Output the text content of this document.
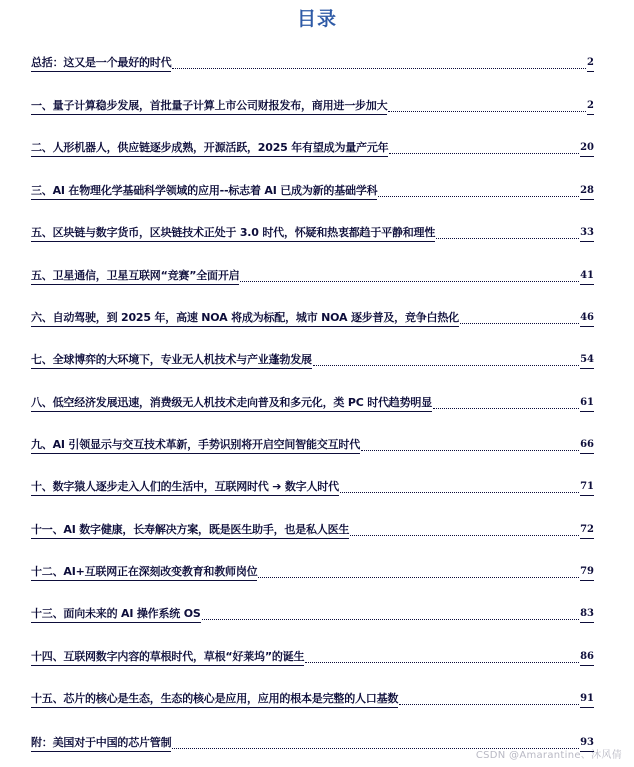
目录
总括：这又是一个最好的时代	2
一、量子计算稳步发展，首批量子计算上市公司财报发布，商用进一步加大	2
二、人形机器人，供应链逐步成熟，开源活跃，2025 年有望成为量产元年	20
三、AI 在物理化学基础科学领域的应用--标志着 AI 已成为新的基础学科	28
五、区块链与数字货币，区块链技术正处于 3.0 时代，怀疑和热衷都趋于平静和理性	33
五、卫星通信，卫星互联网“竞赛”全面开启	41
六、自动驾驶，到 2025 年，高速 NOA 将成为标配，城市 NOA 逐步普及，竞争白热化	46
七、全球博弈的大环境下，专业无人机技术与产业蓬勃发展	54
八、低空经济发展迅速，消费级无人机技术走向普及和多元化，类 PC 时代趋势明显	61
九、AI 引领显示与交互技术革新，手势识别将开启空间智能交互时代	66
十、数字猿人逐步走入人们的生活中，互联网时代 ➔ 数字人时代	71
十一、AI 数字健康，长寿解决方案，既是医生助手，也是私人医生	72
十二、AI+互联网正在深刻改变教育和教师岗位	79
十三、面向未来的 AI 操作系统 OS	83
十四、互联网数字内容的草根时代，草根“好莱坞”的诞生	86
十五、芯片的核心是生态，生态的核心是应用，应用的根本是完整的人口基数	91
附：美国对于中国的芯片管制	93
CSDN @Amarantine、沐风倩
